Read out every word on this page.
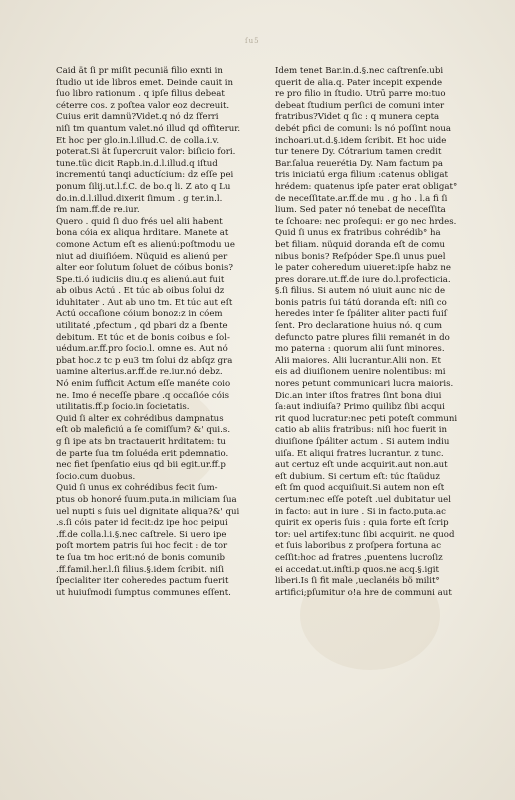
ſu5
Caid ät ſi pr miſit pecuniä filio exnti in
ſtudio ut ide libros emet. Deinde cauit in
ſuo libro rationum . q ipſe filius debeat
céterre cos. z poſtea valor eoz decreuit.
Cuius erit damnü?Videt.q nó dz ſferri
niſi tm quantum valet.nó illud qd offiterur.
Et hoc per glo.in.l.illud.C. de colla.i.v.
poterat.Si ät ſupercruit valor: biſicio fori.
tune.tüc dicit Rapb.in.d.l.illud.q iſtud
incrementú tanqi aductícium: dz eſſe pei
ponum ſilij.ut.l.f.C. de bo.q li. Z ato q Lu
do.in.d.l.illud.dixerit ſimum . g ter.in.l.
ſm nam.ff.de re.iur.
Quero . quid ſi duo frés uel alii habent
bona cóia ex aliqua hrditare. Manete at
comone Actum eſt es alienú:poſtmodu ue
niut ad diuiſióem. Nüquid es alienú per
alter eor ſolutum ſoluet de cóibus bonis?
Spe.ti.ó iudiciis diu.q es alienú.aut fuit
ab oibus Actú . Et túc ab oibus ſolui dz
iduhitater . Aut ab uno tm. Et túc aut eſt
Actú occaſione cóium bonoz:z in cóem
utilitaté ,pfectum , qd pbari dz a ſbente
debitum. Et túc et de bonis coibus e ſol-
uédum.ar.ff.pro ſocio.l. omne es. Aut nó
pbat hoc.z tc p eu3 tm ſolui dz abſqz gra
uamine alterius.ar.ff.de re.iur.nó debz.
Nó enim ſufficit Actum eſſe manéte coio
ne. Imo é neceſſe pbare .q occaſióe cóis
utilitatis.ff.p ſocio.in ſocietatis.
Quid ſi alter ex cohrédibus dampnatus
eſt ob maleficiú a ſe comiſſum? &' qui.s.
g ſi ipe ats bn tractauerit hrditatem: tu
de parte ſua tm ſoluéda erit pdemnatio.
nec fiet ſpenſatio eius qd bii egit.ur.ff.p
ſocio.cum duobus.
Quid ſi unus ex cohrédibus fecit ſum-
ptus ob honoré ſuum.puta.in miliciam ſua
uel nupti s ſuis uel dignitate aliqua?&' qui
.s.ſi cóis pater id fecit:dz ipe hoc peipui
.ff.de colla.l.i.§.nec caſtrele. Si uero ipe
poſt mortem patris ſui hoc fecit : de tor
te ſua tm hoc erit:nó de bonis comunib
.ff.famil.her.l.ſi filius.§.idem ſcribit. niſi
ſpecialiter iter coheredes pactum fuerit
ut huiuſmodi ſumptus communes eſſent.
Idem tenet Bar.in.d.§.nec caſtrenſe.ubi
querit de alia.q. Pater incepit expende
re pro filio in ſtudio. Utrū parre mo:tuo
debeat ſtudium perſici de comuni inter
fratribus?Videt q ſic : q munera cepta
debét pfici de comuni: ls nó poſſint noua
inchoari.ut.d.§.idem ſcribit. Et hoc uide
tur tenere Dy. Cótrarium tamen credit
Bar.ſalua reuerétia Dy. Nam factum pa
tris iniciatú erga filium :catenus obligat
hrédem: quatenus ipſe pater erat obligat°
de neceſſitate.ar.ff.de mu . g ho . l.a fi ſi
lium. Sed pater nó tenebat de neceſſita
te ſchoare: nec proſequi: er go nec hrdes.
Quid ſi unus ex fratribus cohrédib° ha
bet filiam. nüquid doranda eſt de comu
nibus bonis? Reſpóder Spe.ſi unus puel
le pater coheredum uiueret:ipſe habz ne
pres dorare.ut.ff.de iure do.l.profecticia.
§.ſi filius. Si autem nó uiuit aunc nic de
bonis patris ſui tátú doranda eſt: niſi co
heredes inter ſe ſpáliter aliter pacti fuiſ
ſent. Pro declaratione huius nó. q cum
defuncto patre plures filii remanét in do
mo paterna : quorum alii ſunt minores.
Alii maiores. Alii lucrantur.Alii non. Et
eis ad diuiſionem uenire nolentibus: mi
nores petunt communicari lucra maioris.
Dic.an inter iſtos fratres ſint bona diui
ſa:aut indiuiſa? Primo quilibz ſibi acqui
rit quod lucratur:nec peti poteſt communi
catio ab aliis fratribus: niſi hoc fuerit in
diuiſione ſpáliter actum . Si autem indiu
uiſa. Et aliqui fratres lucrantur. z tunc.
aut certuz eſt unde acquirit.aut non.aut
eſt dubium. Si certum eſt: túc ſtaüduz
eſt ſm quod acquiſiuit.Si autem non eſt
certum:nec eſſe poteſt .uel dubitatur uel
in facto: aut in iure . Si in facto.puta.ac
quirit ex operis ſuis : quia forte eſt ſcrip
tor: uel artifex:tunc ſibi acquirit. ne quod
et ſuis laboribus z proſpera fortuna ac
ceſſit:hoc ad fratres ,puentens lucroſiz
ei accedat.ut.inſti.p quos.ne acq.§.igit
liberi.Is ſi fit male ,ueclanéis bö milit°
artifici;pſumitur o!a hre de communi aut
